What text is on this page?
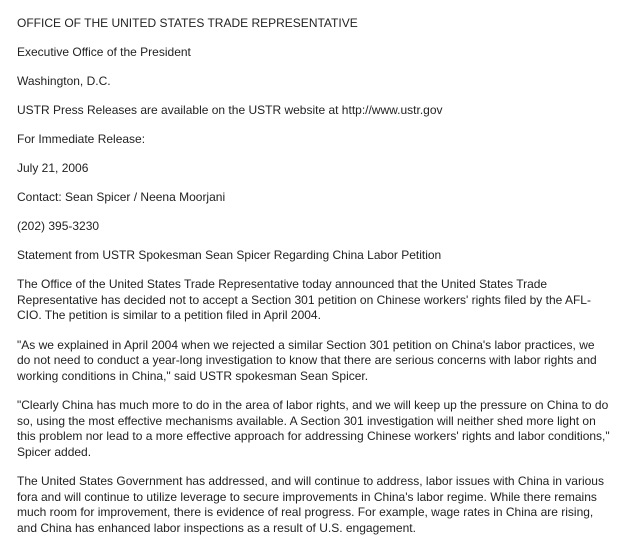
OFFICE OF THE UNITED STATES TRADE REPRESENTATIVE

Executive Office of the President

Washington, D.C.

USTR Press Releases are available on the USTR website at http://www.ustr.gov

For Immediate Release:

July 21, 2006

Contact: Sean Spicer / Neena Moorjani

(202) 395-3230

Statement from USTR Spokesman Sean Spicer Regarding China Labor Petition

The Office of the United States Trade Representative today announced that the United States Trade Representative has decided not to accept a Section 301 petition on Chinese workers' rights filed by the AFL-CIO. The petition is similar to a petition filed in April 2004.

"As we explained in April 2004 when we rejected a similar Section 301 petition on China's labor practices, we do not need to conduct a year-long investigation to know that there are serious concerns with labor rights and working conditions in China," said USTR spokesman Sean Spicer.

"Clearly China has much more to do in the area of labor rights, and we will keep up the pressure on China to do so, using the most effective mechanisms available. A Section 301 investigation will neither shed more light on this problem nor lead to a more effective approach for addressing Chinese workers' rights and labor conditions," Spicer added.

The United States Government has addressed, and will continue to address, labor issues with China in various fora and will continue to utilize leverage to secure improvements in China's labor regime. While there remains much room for improvement, there is evidence of real progress. For example, wage rates in China are rising, and China has enhanced labor inspections as a result of U.S. engagement.
